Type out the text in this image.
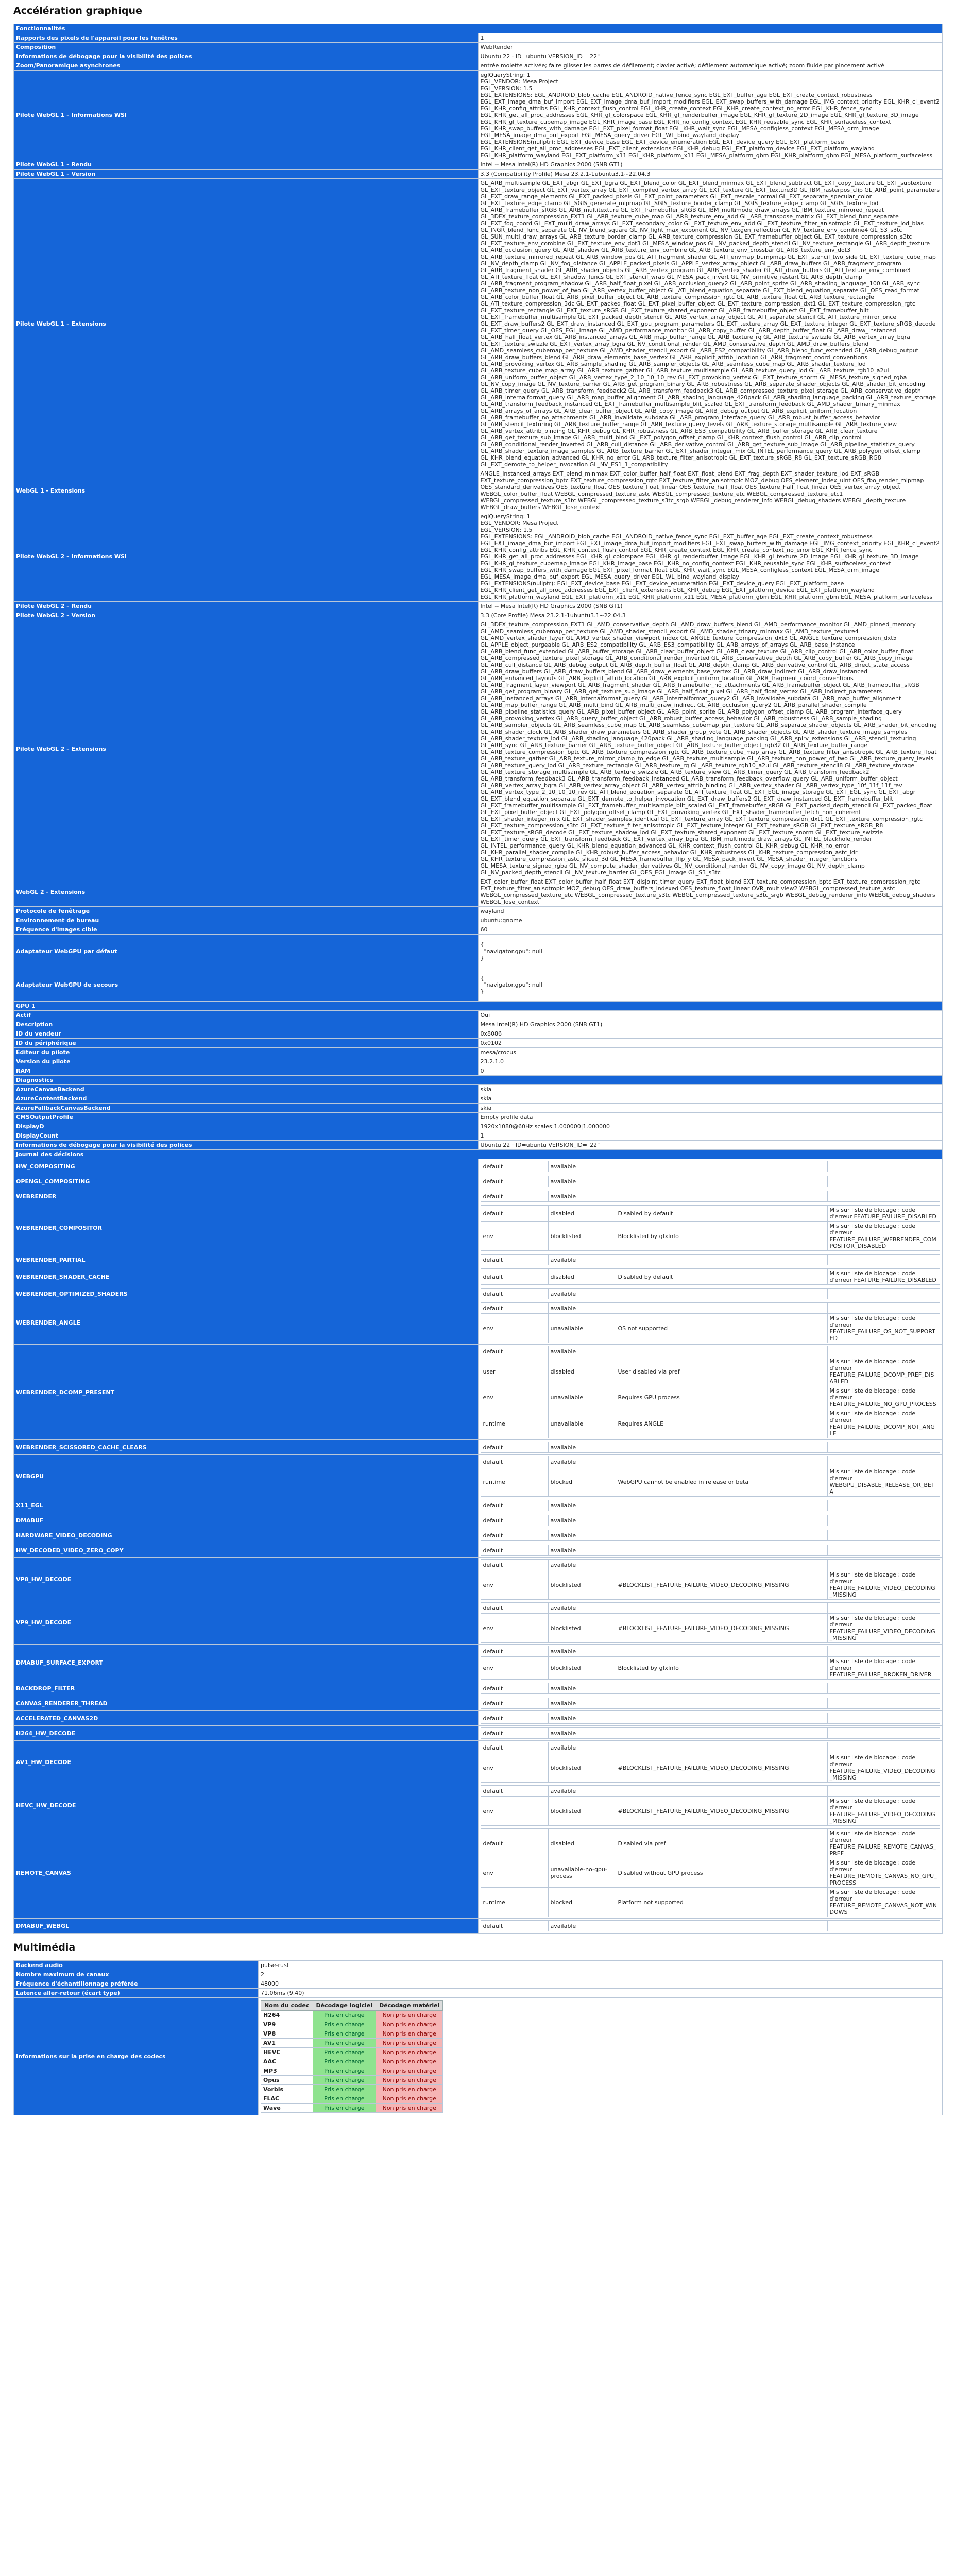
Accélération graphique
Fonctionnalités
Rapports des pixels de l'appareil pour les fenêtres	1
Composition	WebRender
Informations de débogage pour la visibilité des polices	Ubuntu 22 · ID=ubuntu VERSION_ID="22"
Zoom/Panoramique asynchrones	entrée molette activée; faire glisser les barres de défilement; clavier activé; défilement automatique activé; zoom fluide par pincement activé
Pilote WebGL 1 – Informations WSI	
eglQueryString: 1
EGL_VENDOR: Mesa Project
EGL_VERSION: 1.5
EGL_EXTENSIONS: EGL_ANDROID_blob_cache EGL_ANDROID_native_fence_sync EGL_EXT_buffer_age EGL_EXT_create_context_robustness EGL_EXT_image_dma_buf_import EGL_EXT_image_dma_buf_import_modifiers EGL_EXT_swap_buffers_with_damage EGL_IMG_context_priority EGL_KHR_cl_event2 EGL_KHR_config_attribs EGL_KHR_context_flush_control EGL_KHR_create_context EGL_KHR_create_context_no_error EGL_KHR_fence_sync EGL_KHR_get_all_proc_addresses EGL_KHR_gl_colorspace EGL_KHR_gl_renderbuffer_image EGL_KHR_gl_texture_2D_image EGL_KHR_gl_texture_3D_image EGL_KHR_gl_texture_cubemap_image EGL_KHR_image_base EGL_KHR_no_config_context EGL_KHR_reusable_sync EGL_KHR_surfaceless_context EGL_KHR_swap_buffers_with_damage EGL_EXT_pixel_format_float EGL_KHR_wait_sync EGL_MESA_configless_context EGL_MESA_drm_image EGL_MESA_image_dma_buf_export EGL_MESA_query_driver EGL_WL_bind_wayland_display
EGL_EXTENSIONS(nullptr): EGL_EXT_device_base EGL_EXT_device_enumeration EGL_EXT_device_query EGL_EXT_platform_base EGL_KHR_client_get_all_proc_addresses EGL_EXT_client_extensions EGL_KHR_debug EGL_EXT_platform_device EGL_EXT_platform_wayland EGL_KHR_platform_wayland EGL_EXT_platform_x11 EGL_KHR_platform_x11 EGL_MESA_platform_gbm EGL_KHR_platform_gbm EGL_MESA_platform_surfaceless

Pilote WebGL 1 – Rendu	Intel -- Mesa Intel(R) HD Graphics 2000 (SNB GT1)
Pilote WebGL 1 – Version	3.3 (Compatibility Profile) Mesa 23.2.1-1ubuntu3.1~22.04.3
Pilote WebGL 1 – Extensions	GL_ARB_multisample GL_EXT_abgr GL_EXT_bgra GL_EXT_blend_color GL_EXT_blend_minmax GL_EXT_blend_subtract GL_EXT_copy_texture GL_EXT_subtexture GL_EXT_texture_object GL_EXT_vertex_array GL_EXT_compiled_vertex_array GL_EXT_texture GL_EXT_texture3D GL_IBM_rasterpos_clip GL_ARB_point_parameters GL_EXT_draw_range_elements GL_EXT_packed_pixels GL_EXT_point_parameters GL_EXT_rescale_normal GL_EXT_separate_specular_color GL_EXT_texture_edge_clamp GL_SGIS_generate_mipmap GL_SGIS_texture_border_clamp GL_SGIS_texture_edge_clamp GL_SGIS_texture_lod GL_ARB_framebuffer_sRGB GL_ARB_multitexture GL_EXT_framebuffer_sRGB GL_IBM_multimode_draw_arrays GL_IBM_texture_mirrored_repeat GL_3DFX_texture_compression_FXT1 GL_ARB_texture_cube_map GL_ARB_texture_env_add GL_ARB_transpose_matrix GL_EXT_blend_func_separate GL_EXT_fog_coord GL_EXT_multi_draw_arrays GL_EXT_secondary_color GL_EXT_texture_env_add GL_EXT_texture_filter_anisotropic GL_EXT_texture_lod_bias GL_INGR_blend_func_separate GL_NV_blend_square GL_NV_light_max_exponent GL_NV_texgen_reflection GL_NV_texture_env_combine4 GL_S3_s3tc GL_SUN_multi_draw_arrays GL_ARB_texture_border_clamp GL_ARB_texture_compression GL_EXT_framebuffer_object GL_EXT_texture_compression_s3tc GL_EXT_texture_env_combine GL_EXT_texture_env_dot3 GL_MESA_window_pos GL_NV_packed_depth_stencil GL_NV_texture_rectangle GL_ARB_depth_texture GL_ARB_occlusion_query GL_ARB_shadow GL_ARB_texture_env_combine GL_ARB_texture_env_crossbar GL_ARB_texture_env_dot3 GL_ARB_texture_mirrored_repeat GL_ARB_window_pos GL_ATI_fragment_shader GL_ATI_envmap_bumpmap GL_EXT_stencil_two_side GL_EXT_texture_cube_map GL_NV_depth_clamp GL_NV_fog_distance GL_APPLE_packed_pixels GL_APPLE_vertex_array_object GL_ARB_draw_buffers GL_ARB_fragment_program GL_ARB_fragment_shader GL_ARB_shader_objects GL_ARB_vertex_program GL_ARB_vertex_shader GL_ATI_draw_buffers GL_ATI_texture_env_combine3 GL_ATI_texture_float GL_EXT_shadow_funcs GL_EXT_stencil_wrap GL_MESA_pack_invert GL_NV_primitive_restart GL_ARB_depth_clamp GL_ARB_fragment_program_shadow GL_ARB_half_float_pixel GL_ARB_occlusion_query2 GL_ARB_point_sprite GL_ARB_shading_language_100 GL_ARB_sync GL_ARB_texture_non_power_of_two GL_ARB_vertex_buffer_object GL_ATI_blend_equation_separate GL_EXT_blend_equation_separate GL_OES_read_format GL_ARB_color_buffer_float GL_ARB_pixel_buffer_object GL_ARB_texture_compression_rgtc GL_ARB_texture_float GL_ARB_texture_rectangle GL_ATI_texture_compression_3dc GL_EXT_packed_float GL_EXT_pixel_buffer_object GL_EXT_texture_compression_dxt1 GL_EXT_texture_compression_rgtc GL_EXT_texture_rectangle GL_EXT_texture_sRGB GL_EXT_texture_shared_exponent GL_ARB_framebuffer_object GL_EXT_framebuffer_blit GL_EXT_framebuffer_multisample GL_EXT_packed_depth_stencil GL_ARB_vertex_array_object GL_ATI_separate_stencil GL_ATI_texture_mirror_once GL_EXT_draw_buffers2 GL_EXT_draw_instanced GL_EXT_gpu_program_parameters GL_EXT_texture_array GL_EXT_texture_integer GL_EXT_texture_sRGB_decode GL_EXT_timer_query GL_OES_EGL_image GL_AMD_performance_monitor GL_ARB_copy_buffer GL_ARB_depth_buffer_float GL_ARB_draw_instanced GL_ARB_half_float_vertex GL_ARB_instanced_arrays GL_ARB_map_buffer_range GL_ARB_texture_rg GL_ARB_texture_swizzle GL_ARB_vertex_array_bgra GL_EXT_texture_swizzle GL_EXT_vertex_array_bgra GL_NV_conditional_render GL_AMD_conservative_depth GL_AMD_draw_buffers_blend GL_AMD_seamless_cubemap_per_texture GL_AMD_shader_stencil_export GL_ARB_ES2_compatibility GL_ARB_blend_func_extended GL_ARB_debug_output GL_ARB_draw_buffers_blend GL_ARB_draw_elements_base_vertex GL_ARB_explicit_attrib_location GL_ARB_fragment_coord_conventions GL_ARB_provoking_vertex GL_ARB_sample_shading GL_ARB_sampler_objects GL_ARB_seamless_cube_map GL_ARB_shader_texture_lod GL_ARB_texture_cube_map_array GL_ARB_texture_gather GL_ARB_texture_multisample GL_ARB_texture_query_lod GL_ARB_texture_rgb10_a2ui GL_ARB_uniform_buffer_object GL_ARB_vertex_type_2_10_10_10_rev GL_EXT_provoking_vertex GL_EXT_texture_snorm GL_MESA_texture_signed_rgba GL_NV_copy_image GL_NV_texture_barrier GL_ARB_get_program_binary GL_ARB_robustness GL_ARB_separate_shader_objects GL_ARB_shader_bit_encoding GL_ARB_timer_query GL_ARB_transform_feedback2 GL_ARB_transform_feedback3 GL_ARB_compressed_texture_pixel_storage GL_ARB_conservative_depth GL_ARB_internalformat_query GL_ARB_map_buffer_alignment GL_ARB_shading_language_420pack GL_ARB_shading_language_packing GL_ARB_texture_storage GL_ARB_transform_feedback_instanced GL_EXT_framebuffer_multisample_blit_scaled GL_EXT_transform_feedback GL_AMD_shader_trinary_minmax GL_ARB_arrays_of_arrays GL_ARB_clear_buffer_object GL_ARB_copy_image GL_ARB_debug_output GL_ARB_explicit_uniform_location GL_ARB_framebuffer_no_attachments GL_ARB_invalidate_subdata GL_ARB_program_interface_query GL_ARB_robust_buffer_access_behavior GL_ARB_stencil_texturing GL_ARB_texture_buffer_range GL_ARB_texture_query_levels GL_ARB_texture_storage_multisample GL_ARB_texture_view GL_ARB_vertex_attrib_binding GL_KHR_debug GL_KHR_robustness GL_ARB_ES3_compatibility GL_ARB_buffer_storage GL_ARB_clear_texture GL_ARB_get_texture_sub_image GL_ARB_multi_bind GL_EXT_polygon_offset_clamp GL_KHR_context_flush_control GL_ARB_clip_control GL_ARB_conditional_render_inverted GL_ARB_cull_distance GL_ARB_derivative_control GL_ARB_get_texture_sub_image GL_ARB_pipeline_statistics_query GL_ARB_shader_texture_image_samples GL_ARB_texture_barrier GL_EXT_shader_integer_mix GL_INTEL_performance_query GL_ARB_polygon_offset_clamp GL_KHR_blend_equation_advanced GL_KHR_no_error GL_ARB_texture_filter_anisotropic GL_EXT_texture_sRGB_R8 GL_EXT_texture_sRGB_RG8 GL_EXT_demote_to_helper_invocation GL_NV_ES1_1_compatibility
WebGL 1 - Extensions	ANGLE_instanced_arrays EXT_blend_minmax EXT_color_buffer_half_float EXT_float_blend EXT_frag_depth EXT_shader_texture_lod EXT_sRGB EXT_texture_compression_bptc EXT_texture_compression_rgtc EXT_texture_filter_anisotropic MOZ_debug OES_element_index_uint OES_fbo_render_mipmap OES_standard_derivatives OES_texture_float OES_texture_float_linear OES_texture_half_float OES_texture_half_float_linear OES_vertex_array_object WEBGL_color_buffer_float WEBGL_compressed_texture_astc WEBGL_compressed_texture_etc WEBGL_compressed_texture_etc1 WEBGL_compressed_texture_s3tc WEBGL_compressed_texture_s3tc_srgb WEBGL_debug_renderer_info WEBGL_debug_shaders WEBGL_depth_texture WEBGL_draw_buffers WEBGL_lose_context
Pilote WebGL 2 – Informations WSI	
eglQueryString: 1
EGL_VENDOR: Mesa Project
EGL_VERSION: 1.5
EGL_EXTENSIONS: EGL_ANDROID_blob_cache EGL_ANDROID_native_fence_sync EGL_EXT_buffer_age EGL_EXT_create_context_robustness EGL_EXT_image_dma_buf_import EGL_EXT_image_dma_buf_import_modifiers EGL_EXT_swap_buffers_with_damage EGL_IMG_context_priority EGL_KHR_cl_event2 EGL_KHR_config_attribs EGL_KHR_context_flush_control EGL_KHR_create_context EGL_KHR_create_context_no_error EGL_KHR_fence_sync EGL_KHR_get_all_proc_addresses EGL_KHR_gl_colorspace EGL_KHR_gl_renderbuffer_image EGL_KHR_gl_texture_2D_image EGL_KHR_gl_texture_3D_image EGL_KHR_gl_texture_cubemap_image EGL_KHR_image_base EGL_KHR_no_config_context EGL_KHR_reusable_sync EGL_KHR_surfaceless_context EGL_KHR_swap_buffers_with_damage EGL_EXT_pixel_format_float EGL_KHR_wait_sync EGL_MESA_configless_context EGL_MESA_drm_image EGL_MESA_image_dma_buf_export EGL_MESA_query_driver EGL_WL_bind_wayland_display
EGL_EXTENSIONS(nullptr): EGL_EXT_device_base EGL_EXT_device_enumeration EGL_EXT_device_query EGL_EXT_platform_base EGL_KHR_client_get_all_proc_addresses EGL_EXT_client_extensions EGL_KHR_debug EGL_EXT_platform_device EGL_EXT_platform_wayland EGL_KHR_platform_wayland EGL_EXT_platform_x11 EGL_KHR_platform_x11 EGL_MESA_platform_gbm EGL_KHR_platform_gbm EGL_MESA_platform_surfaceless

Pilote WebGL 2 – Rendu	Intel -- Mesa Intel(R) HD Graphics 2000 (SNB GT1)
Pilote WebGL 2 – Version	3.3 (Core Profile) Mesa 23.2.1-1ubuntu3.1~22.04.3
Pilote WebGL 2 – Extensions	GL_3DFX_texture_compression_FXT1 GL_AMD_conservative_depth GL_AMD_draw_buffers_blend GL_AMD_performance_monitor GL_AMD_pinned_memory GL_AMD_seamless_cubemap_per_texture GL_AMD_shader_stencil_export GL_AMD_shader_trinary_minmax GL_AMD_texture_texture4 GL_AMD_vertex_shader_layer GL_AMD_vertex_shader_viewport_index GL_ANGLE_texture_compression_dxt3 GL_ANGLE_texture_compression_dxt5 GL_APPLE_object_purgeable GL_ARB_ES2_compatibility GL_ARB_ES3_compatibility GL_ARB_arrays_of_arrays GL_ARB_base_instance GL_ARB_blend_func_extended GL_ARB_buffer_storage GL_ARB_clear_buffer_object GL_ARB_clear_texture GL_ARB_clip_control GL_ARB_color_buffer_float GL_ARB_compressed_texture_pixel_storage GL_ARB_conditional_render_inverted GL_ARB_conservative_depth GL_ARB_copy_buffer GL_ARB_copy_image GL_ARB_cull_distance GL_ARB_debug_output GL_ARB_depth_buffer_float GL_ARB_depth_clamp GL_ARB_derivative_control GL_ARB_direct_state_access GL_ARB_draw_buffers GL_ARB_draw_buffers_blend GL_ARB_draw_elements_base_vertex GL_ARB_draw_indirect GL_ARB_draw_instanced GL_ARB_enhanced_layouts GL_ARB_explicit_attrib_location GL_ARB_explicit_uniform_location GL_ARB_fragment_coord_conventions GL_ARB_fragment_layer_viewport GL_ARB_fragment_shader GL_ARB_framebuffer_no_attachments GL_ARB_framebuffer_object GL_ARB_framebuffer_sRGB GL_ARB_get_program_binary GL_ARB_get_texture_sub_image GL_ARB_half_float_pixel GL_ARB_half_float_vertex GL_ARB_indirect_parameters GL_ARB_instanced_arrays GL_ARB_internalformat_query GL_ARB_internalformat_query2 GL_ARB_invalidate_subdata GL_ARB_map_buffer_alignment GL_ARB_map_buffer_range GL_ARB_multi_bind GL_ARB_multi_draw_indirect GL_ARB_occlusion_query2 GL_ARB_parallel_shader_compile GL_ARB_pipeline_statistics_query GL_ARB_pixel_buffer_object GL_ARB_point_sprite GL_ARB_polygon_offset_clamp GL_ARB_program_interface_query GL_ARB_provoking_vertex GL_ARB_query_buffer_object GL_ARB_robust_buffer_access_behavior GL_ARB_robustness GL_ARB_sample_shading GL_ARB_sampler_objects GL_ARB_seamless_cube_map GL_ARB_seamless_cubemap_per_texture GL_ARB_separate_shader_objects GL_ARB_shader_bit_encoding GL_ARB_shader_clock GL_ARB_shader_draw_parameters GL_ARB_shader_group_vote GL_ARB_shader_objects GL_ARB_shader_texture_image_samples GL_ARB_shader_texture_lod GL_ARB_shading_language_420pack GL_ARB_shading_language_packing GL_ARB_spirv_extensions GL_ARB_stencil_texturing GL_ARB_sync GL_ARB_texture_barrier GL_ARB_texture_buffer_object GL_ARB_texture_buffer_object_rgb32 GL_ARB_texture_buffer_range GL_ARB_texture_compression_bptc GL_ARB_texture_compression_rgtc GL_ARB_texture_cube_map_array GL_ARB_texture_filter_anisotropic GL_ARB_texture_float GL_ARB_texture_gather GL_ARB_texture_mirror_clamp_to_edge GL_ARB_texture_multisample GL_ARB_texture_non_power_of_two GL_ARB_texture_query_levels GL_ARB_texture_query_lod GL_ARB_texture_rectangle GL_ARB_texture_rg GL_ARB_texture_rgb10_a2ui GL_ARB_texture_stencil8 GL_ARB_texture_storage GL_ARB_texture_storage_multisample GL_ARB_texture_swizzle GL_ARB_texture_view GL_ARB_timer_query GL_ARB_transform_feedback2 GL_ARB_transform_feedback3 GL_ARB_transform_feedback_instanced GL_ARB_transform_feedback_overflow_query GL_ARB_uniform_buffer_object GL_ARB_vertex_array_bgra GL_ARB_vertex_array_object GL_ARB_vertex_attrib_binding GL_ARB_vertex_shader GL_ARB_vertex_type_10f_11f_11f_rev GL_ARB_vertex_type_2_10_10_10_rev GL_ATI_blend_equation_separate GL_ATI_texture_float GL_EXT_EGL_image_storage GL_EXT_EGL_sync GL_EXT_abgr GL_EXT_blend_equation_separate GL_EXT_demote_to_helper_invocation GL_EXT_draw_buffers2 GL_EXT_draw_instanced GL_EXT_framebuffer_blit GL_EXT_framebuffer_multisample GL_EXT_framebuffer_multisample_blit_scaled GL_EXT_framebuffer_sRGB GL_EXT_packed_depth_stencil GL_EXT_packed_float GL_EXT_pixel_buffer_object GL_EXT_polygon_offset_clamp GL_EXT_provoking_vertex GL_EXT_shader_framebuffer_fetch_non_coherent GL_EXT_shader_integer_mix GL_EXT_shader_samples_identical GL_EXT_texture_array GL_EXT_texture_compression_dxt1 GL_EXT_texture_compression_rgtc GL_EXT_texture_compression_s3tc GL_EXT_texture_filter_anisotropic GL_EXT_texture_integer GL_EXT_texture_sRGB GL_EXT_texture_sRGB_R8 GL_EXT_texture_sRGB_decode GL_EXT_texture_shadow_lod GL_EXT_texture_shared_exponent GL_EXT_texture_snorm GL_EXT_texture_swizzle GL_EXT_timer_query GL_EXT_transform_feedback GL_EXT_vertex_array_bgra GL_IBM_multimode_draw_arrays GL_INTEL_blackhole_render GL_INTEL_performance_query GL_KHR_blend_equation_advanced GL_KHR_context_flush_control GL_KHR_debug GL_KHR_no_error GL_KHR_parallel_shader_compile GL_KHR_robust_buffer_access_behavior GL_KHR_robustness GL_KHR_texture_compression_astc_ldr GL_KHR_texture_compression_astc_sliced_3d GL_MESA_framebuffer_flip_y GL_MESA_pack_invert GL_MESA_shader_integer_functions GL_MESA_texture_signed_rgba GL_NV_compute_shader_derivatives GL_NV_conditional_render GL_NV_copy_image GL_NV_depth_clamp GL_NV_packed_depth_stencil GL_NV_texture_barrier GL_OES_EGL_image GL_S3_s3tc
WebGL 2 - Extensions	EXT_color_buffer_float EXT_color_buffer_half_float EXT_disjoint_timer_query EXT_float_blend EXT_texture_compression_bptc EXT_texture_compression_rgtc EXT_texture_filter_anisotropic MOZ_debug OES_draw_buffers_indexed OES_texture_float_linear OVR_multiview2 WEBGL_compressed_texture_astc WEBGL_compressed_texture_etc WEBGL_compressed_texture_s3tc WEBGL_compressed_texture_s3tc_srgb WEBGL_debug_renderer_info WEBGL_debug_shaders WEBGL_lose_context
Protocole de fenêtrage	wayland
Environnement de bureau	ubuntu:gnome
Fréquence d'images cible	60
Adaptateur WebGPU par défaut	
{
"navigator.gpu": null
}

Adaptateur WebGPU de secours	
{
"navigator.gpu": null
}

GPU 1
Actif	Oui
Description	Mesa Intel(R) HD Graphics 2000 (SNB GT1)
ID du vendeur	0x8086
ID du périphérique	0x0102
Éditeur du pilote	mesa/crocus
Version du pilote	23.2.1.0
RAM	0
Diagnostics
AzureCanvasBackend	skia
AzureContentBackend	skia
AzureFallbackCanvasBackend	skia
CMSOutputProfile	Empty profile data
DisplayD	1920x1080@60Hz scales:1.000000|1.000000
DisplayCount	1
Informations de débogage pour la visibilité des polices	Ubuntu 22 · ID=ubuntu VERSION_ID="22"
Journal des décisions
HW_COMPOSITING		default	available		

OPENGL_COMPOSITING		default	available		

WEBRENDER		default	available		

WEBRENDER_COMPOSITOR	
default	disabled	Disabled by default	Mis sur liste de blocage : code d'erreur FEATURE_FAILURE_DISABLED
env	blocklisted	Blocklisted by gfxInfo	Mis sur liste de blocage : code d'erreur FEATURE_FAILURE_WEBRENDER_COMPOSITOR_DISABLED

WEBRENDER_PARTIAL		default	available		

WEBRENDER_SHADER_CACHE		default	disabled	Disabled by default	Mis sur liste de blocage : code d'erreur FEATURE_FAILURE_DISABLED

WEBRENDER_OPTIMIZED_SHADERS		default	available		

WEBRENDER_ANGLE	
default	available		
env	unavailable	OS not supported	Mis sur liste de blocage : code d'erreur FEATURE_FAILURE_OS_NOT_SUPPORTED

WEBRENDER_DCOMP_PRESENT	
default	available		
user	disabled	User disabled via pref	Mis sur liste de blocage : code d'erreur FEATURE_FAILURE_DCOMP_PREF_DISABLED
env	unavailable	Requires GPU process	Mis sur liste de blocage : code d'erreur FEATURE_FAILURE_NO_GPU_PROCESS
runtime	unavailable	Requires ANGLE	Mis sur liste de blocage : code d'erreur FEATURE_FAILURE_DCOMP_NOT_ANGLE

WEBRENDER_SCISSORED_CACHE_CLEARS		default	available		

WEBGPU	
default	available		
runtime	blocked	WebGPU cannot be enabled in release or beta	Mis sur liste de blocage : code d'erreur WEBGPU_DISABLE_RELEASE_OR_BETA

X11_EGL		default	available		

DMABUF		default	available		

HARDWARE_VIDEO_DECODING		default	available		

HW_DECODED_VIDEO_ZERO_COPY		default	available		

VP8_HW_DECODE	
default	available		
env	blocklisted	#BLOCKLIST_FEATURE_FAILURE_VIDEO_DECODING_MISSING	Mis sur liste de blocage : code d'erreur FEATURE_FAILURE_VIDEO_DECODING_MISSING

VP9_HW_DECODE	
default	available		
env	blocklisted	#BLOCKLIST_FEATURE_FAILURE_VIDEO_DECODING_MISSING	Mis sur liste de blocage : code d'erreur FEATURE_FAILURE_VIDEO_DECODING_MISSING

DMABUF_SURFACE_EXPORT	
default	available		
env	blocklisted	Blocklisted by gfxInfo	Mis sur liste de blocage : code d'erreur FEATURE_FAILURE_BROKEN_DRIVER

BACKDROP_FILTER		default	available		

CANVAS_RENDERER_THREAD		default	available		

ACCELERATED_CANVAS2D		default	available		

H264_HW_DECODE		default	available		

AV1_HW_DECODE	
default	available		
env	blocklisted	#BLOCKLIST_FEATURE_FAILURE_VIDEO_DECODING_MISSING	Mis sur liste de blocage : code d'erreur FEATURE_FAILURE_VIDEO_DECODING_MISSING

HEVC_HW_DECODE	
default	available		
env	blocklisted	#BLOCKLIST_FEATURE_FAILURE_VIDEO_DECODING_MISSING	Mis sur liste de blocage : code d'erreur FEATURE_FAILURE_VIDEO_DECODING_MISSING

REMOTE_CANVAS	
default	disabled	Disabled via pref	Mis sur liste de blocage : code d'erreur FEATURE_FAILURE_REMOTE_CANVAS_PREF
env	unavailable-no-gpu-process	Disabled without GPU process	Mis sur liste de blocage : code d'erreur FEATURE_REMOTE_CANVAS_NO_GPU_PROCESS
runtime	blocked	Platform not supported	Mis sur liste de blocage : code d'erreur FEATURE_REMOTE_CANVAS_NOT_WINDOWS

DMABUF_WEBGL		default	available		
Multimédia
Backend audio	pulse-rust
Nombre maximum de canaux	2
Fréquence d'échantillonnage préférée	48000
Latence aller-retour (écart type)	71.06ms (9.40)
Informations sur la prise en charge des codecs	
Nom du codec	Décodage logiciel	Décodage matériel
H264	Pris en charge	Non pris en charge
VP9	Pris en charge	Non pris en charge
VP8	Pris en charge	Non pris en charge
AV1	Pris en charge	Non pris en charge
HEVC	Pris en charge	Non pris en charge
AAC	Pris en charge	Non pris en charge
MP3	Pris en charge	Non pris en charge
Opus	Pris en charge	Non pris en charge
Vorbis	Pris en charge	Non pris en charge
FLAC	Pris en charge	Non pris en charge
Wave	Pris en charge	Non pris en charge
